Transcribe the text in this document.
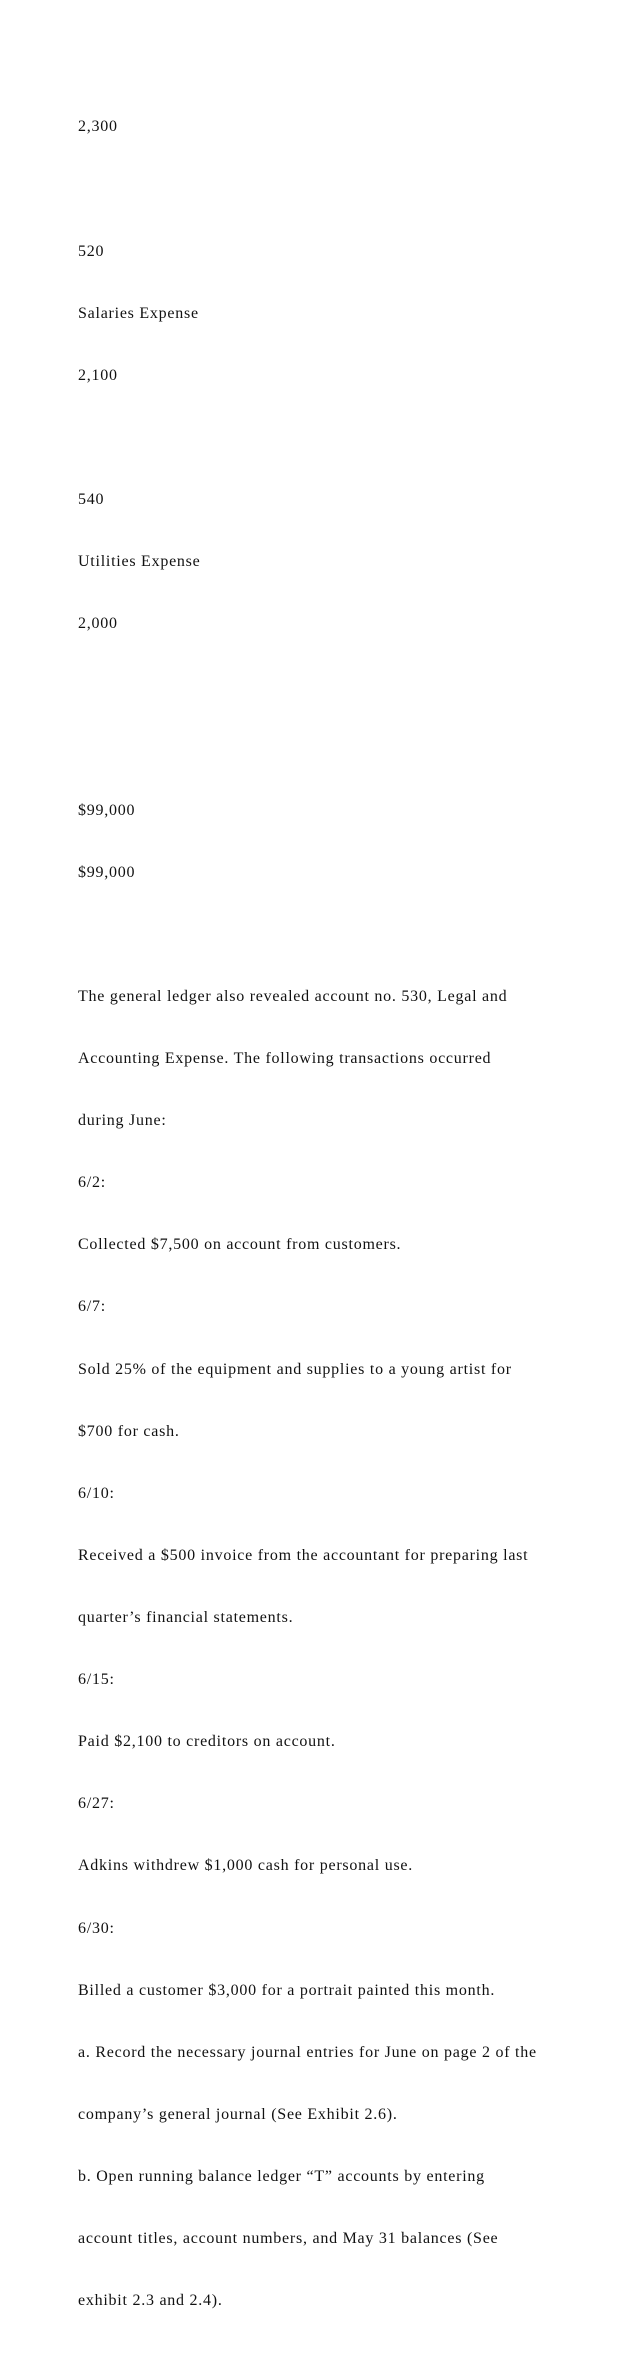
2,300

520

Salaries Expense

2,100

540

Utilities Expense

2,000

$99,000

$99,000

The general ledger also revealed account no. 530, Legal and

Accounting Expense. The following transactions occurred

during June:

6/2:

Collected $7,500 on account from customers.

6/7:

Sold 25% of the equipment and supplies to a young artist for

$700 for cash.

6/10:

Received a $500 invoice from the accountant for preparing last

quarter’s financial statements.

6/15:

Paid $2,100 to creditors on account.

6/27:

Adkins withdrew $1,000 cash for personal use.

6/30:

Billed a customer $3,000 for a portrait painted this month.

a. Record the necessary journal entries for June on page 2 of the

company’s general journal (See Exhibit 2.6).

b. Open running balance ledger “T” accounts by entering

account titles, account numbers, and May 31 balances (See

exhibit 2.3 and 2.4).
